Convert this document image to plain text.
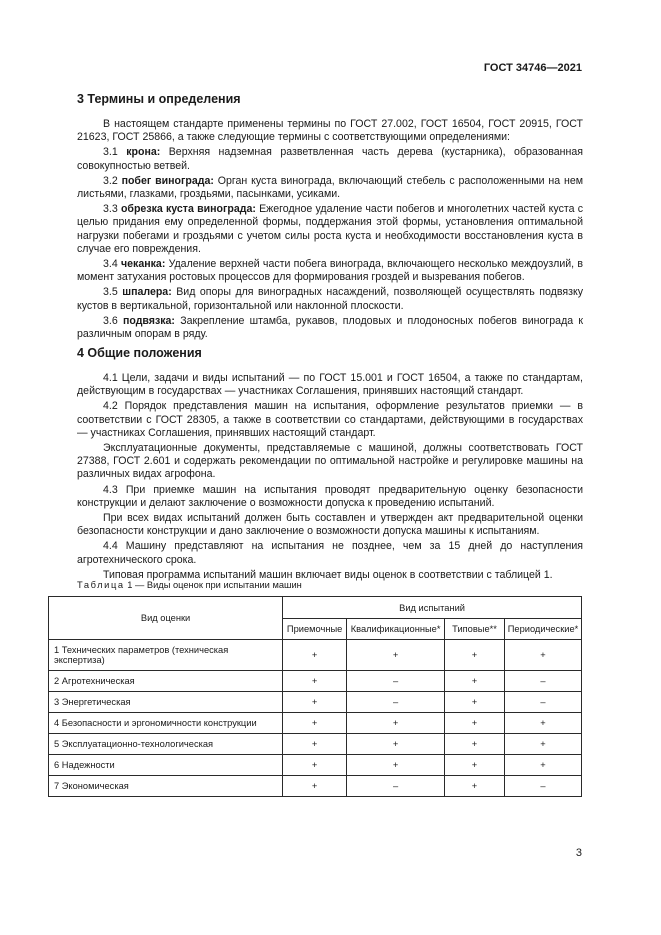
ГОСТ 34746—2021
3 Термины и определения

В настоящем стандарте применены термины по ГОСТ 27.002, ГОСТ 16504, ГОСТ 20915, ГОСТ 21623, ГОСТ 25866, а также следующие термины с соответствующими определениями:

3.1 крона: Верхняя надземная разветвленная часть дерева (кустарника), образованная совокупностью ветвей.

3.2 побег винограда: Орган куста винограда, включающий стебель с расположенными на нем листьями, глазками, гроздьями, пасынками, усиками.

3.3 обрезка куста винограда: Ежегодное удаление части побегов и многолетних частей куста с целью придания ему определенной формы, поддержания этой формы, установления оптимальной нагрузки побегами и гроздьями с учетом силы роста куста и необходимости восстановления куста в случае его повреждения.

3.4 чеканка: Удаление верхней части побега винограда, включающего несколько междоузлий, в момент затухания ростовых процессов для формирования гроздей и вызревания побегов.

3.5 шпалера: Вид опоры для виноградных насаждений, позволяющей осуществлять подвязку кустов в вертикальной, горизонтальной или наклонной плоскости.

3.6 подвязка: Закрепление штамба, рукавов, плодовых и плодоносных побегов винограда к различным опорам в ряду.

4 Общие положения

4.1 Цели, задачи и виды испытаний — по ГОСТ 15.001 и ГОСТ 16504, а также по стандартам, действующим в государствах — участниках Соглашения, принявших настоящий стандарт.

4.2 Порядок представления машин на испытания, оформление результатов приемки — в соответствии с ГОСТ 28305, а также в соответствии со стандартами, действующими в государствах — участниках Соглашения, принявших настоящий стандарт.

Эксплуатационные документы, представляемые с машиной, должны соответствовать ГОСТ 27388, ГОСТ 2.601 и содержать рекомендации по оптимальной настройке и регулировке машины на различных видах агрофона.

4.3 При приемке машин на испытания проводят предварительную оценку безопасности конструкции и делают заключение о возможности допуска к проведению испытаний.

При всех видах испытаний должен быть составлен и утвержден акт предварительной оценки безопасности конструкции и дано заключение о возможности допуска машины к испытаниям.

4.4 Машину представляют на испытания не позднее, чем за 15 дней до наступления агротехнического срока.

Типовая программа испытаний машин включает виды оценок в соответствии с таблицей 1.

Таблица 1 — Виды оценок при испытании машин
Вид оценки	Вид испытаний			
	Приемочные	Квалификационные*	Типовые**	Периодические*
1 Технических параметров (техническая экспертиза)	+	+	+	+
2 Агротехническая	+	–	+	–
3 Энергетическая	+	–	+	–
4 Безопасности и эргономичности конструкции	+	+	+	+
5 Эксплуатационно-технологическая	+	+	+	+
6 Надежности	+	+	+	+
7 Экономическая	+	–	+	–
3
